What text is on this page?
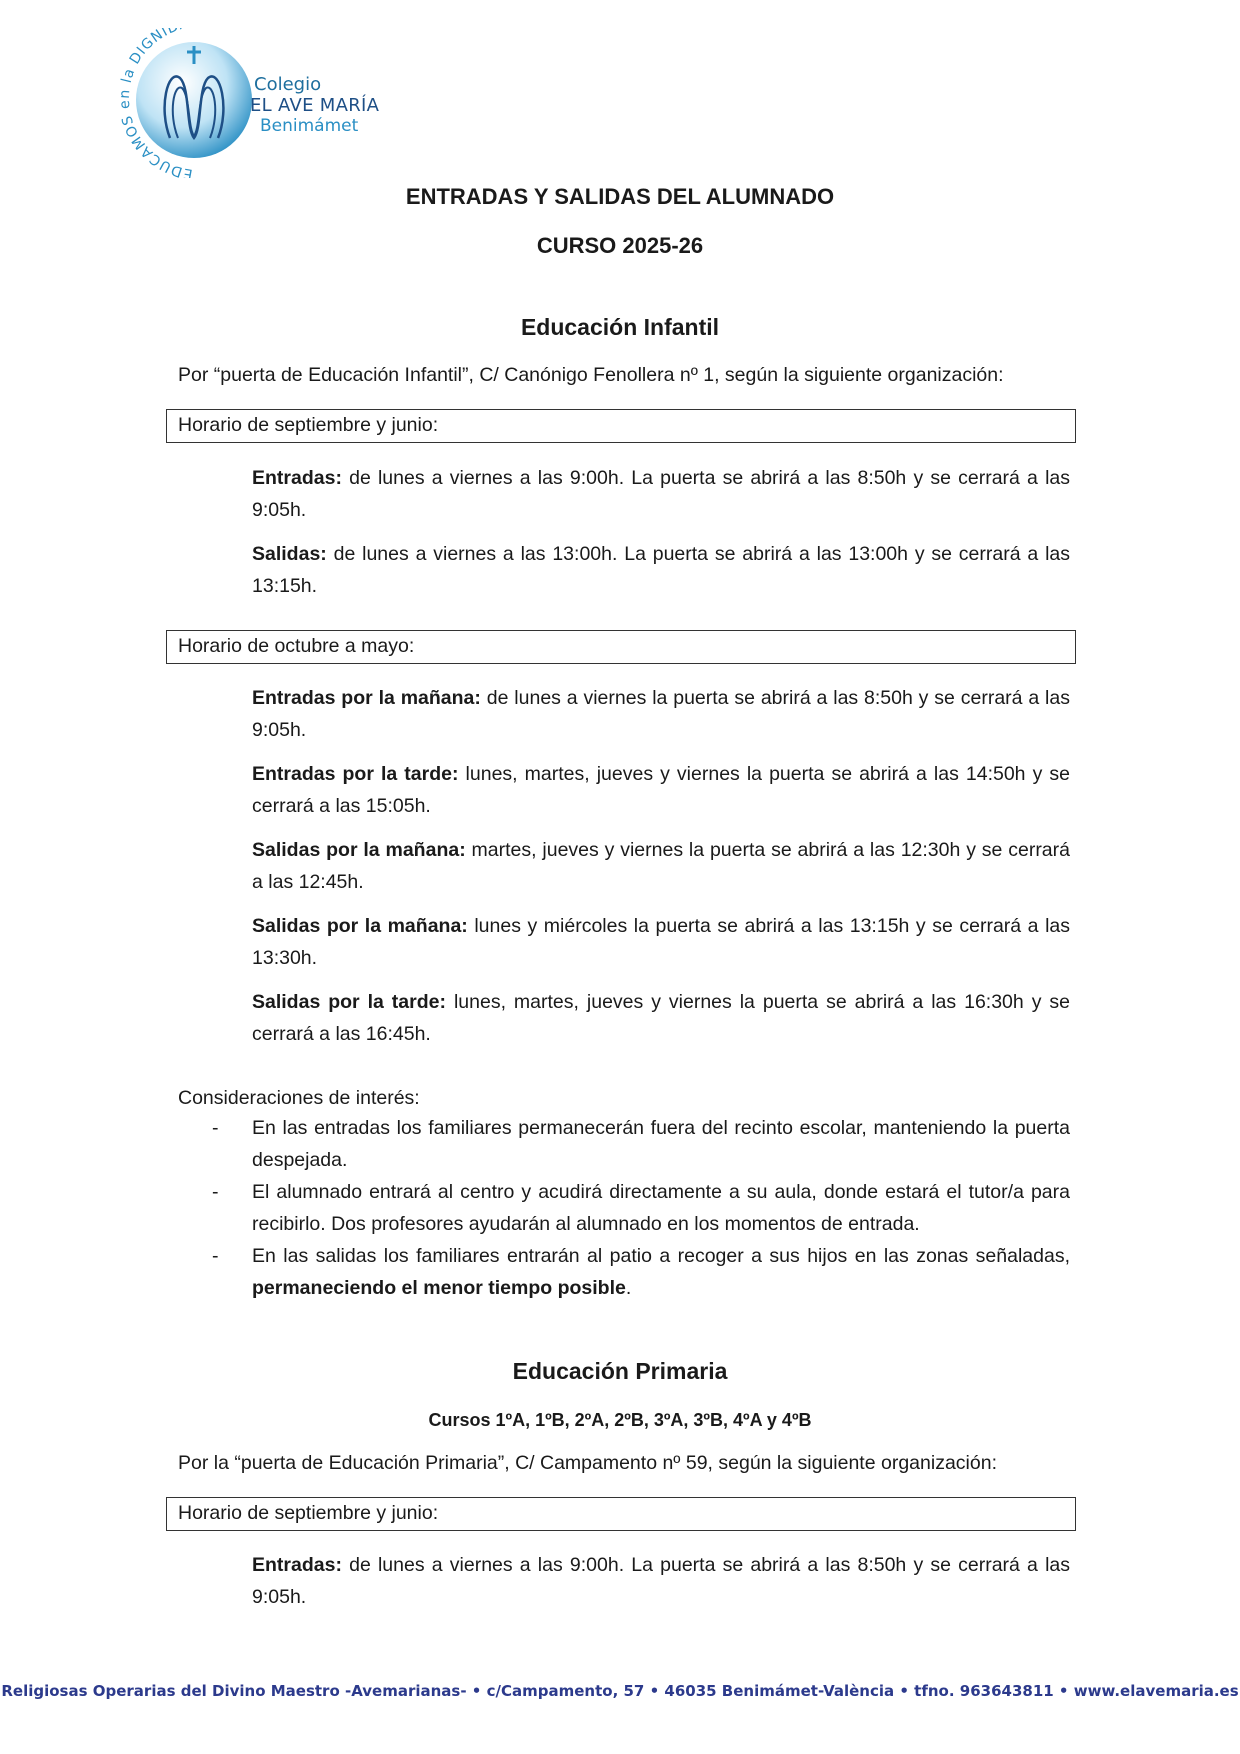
EDUCAMOS en la DIGNI
Colegio
EL AVE MARÍA
Benimámet
ENTRADAS Y SALIDAS DEL ALUMNADO
CURSO 2025-26
Educación Infantil
Por “puerta de Educación Infantil”, C/ Canónigo Fenollera nº 1, según la siguiente organización:
Horario de septiembre y junio:
Entradas: de lunes a viernes a las 9:00h. La puerta se abrirá a las 8:50h y se cerrará a las 9:05h.
Salidas: de lunes a viernes a las 13:00h. La puerta se abrirá a las 13:00h y se cerrará a las 13:15h.
Horario de octubre a mayo:
Entradas por la mañana: de lunes a viernes la puerta se abrirá a las 8:50h y se cerrará a las 9:05h.
Entradas por la tarde: lunes, martes, jueves y viernes la puerta se abrirá a las 14:50h y se cerrará a las 15:05h.
Salidas por la mañana: martes, jueves y viernes la puerta se abrirá a las 12:30h y se cerrará a las 12:45h.
Salidas por la mañana: lunes y miércoles la puerta se abrirá a las 13:15h y se cerrará a las 13:30h.
Salidas por la tarde: lunes, martes, jueves y viernes la puerta se abrirá a las 16:30h y se cerrará a las 16:45h.
Consideraciones de interés:
- En las entradas los familiares permanecerán fuera del recinto escolar, manteniendo la puerta despejada.
- El alumnado entrará al centro y acudirá directamente a su aula, donde estará el tutor/a para recibirlo. Dos profesores ayudarán al alumnado en los momentos de entrada.
- En las salidas los familiares entrarán al patio a recoger a sus hijos en las zonas señaladas, permaneciendo el menor tiempo posible.
Educación Primaria
Cursos 1ºA, 1ºB, 2ºA, 2ºB, 3ºA, 3ºB, 4ºA y 4ºB
Por la “puerta de Educación Primaria”, C/ Campamento nº 59, según la siguiente organización:
Horario de septiembre y junio:
Entradas: de lunes a viernes a las 9:00h. La puerta se abrirá a las 8:50h y se cerrará a las 9:05h.
Religiosas Operarias del Divino Maestro -Avemarianas- • c/Campamento, 57 • 46035 Benimámet-València • tfno. 963643811 • www.elavemaria.es
